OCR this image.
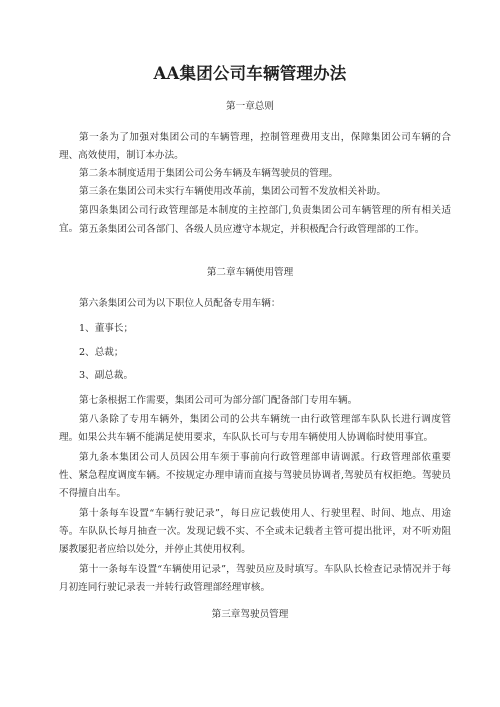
AA集团公司车辆管理办法
第一章总则

第一条为了加强对集团公司的车辆管理，控制管理费用支出，保障集团公司车辆的合理、高效使用，制订本办法。

第二条本制度适用于集团公司公务车辆及车辆驾驶员的管理。

第三条在集团公司未实行车辆使用改革前，集团公司暂不发放相关补助。

第四条集团公司行政管理部是本制度的主控部门,负责集团公司车辆管理的所有相关适宜。 第五条集团公司各部门、各级人员应遵守本规定，并积极配合行政管理部的工作。

第二章车辆使用管理

第六条集团公司为以下职位人员配备专用车辆：

1、董事长；

2、总裁；

3、副总裁。

第七条根据工作需要，集团公司可为部分部门配备部门专用车辆。

第八条除了专用车辆外，集团公司的公共车辆统一由行政管理部车队队长进行调度管理。如果公共车辆不能满足使用要求，车队队长可与专用车辆使用人协调临时使用事宜。

第九条本集团公司人员因公用车须于事前向行政管理部申请调派。行政管理部依重要性、紧急程度调度车辆。不按规定办理申请而直接与驾驶员协调者,驾驶员有权拒绝。驾驶员不得擅自出车。

第十条每车设置“车辆行驶记录”，每日应记载使用人、行驶里程、时间、地点、用途等。车队队长每月抽查一次。发现记载不实、不全或未记载者主管可提出批评，对不听劝阻屡教屡犯者应给以处分，并停止其使用权利。

第十一条每车设置“车辆使用记录”，驾驶员应及时填写。车队队长检查记录情况并于每月初连同行驶记录表一并转行政管理部经理审核。

第三章驾驶员管理
